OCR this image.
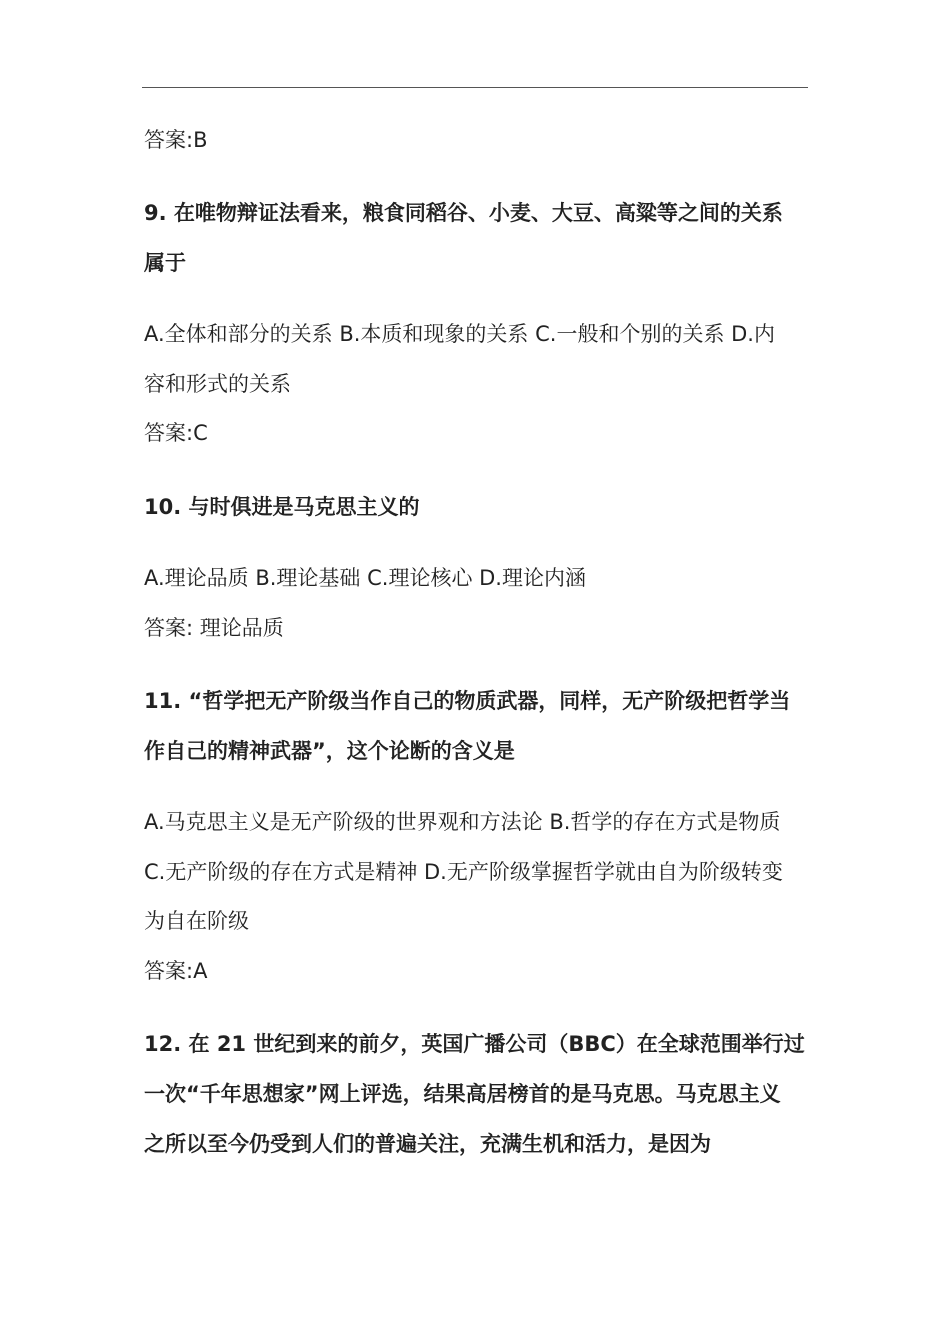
答案:B
9. 在唯物辩证法看来，粮食同稻谷、小麦、大豆、高粱等之间的关系
属于
A.全体和部分的关系 B.本质和现象的关系 C.一般和个别的关系 D.内
容和形式的关系
答案:C
10. 与时俱进是马克思主义的
A.理论品质 B.理论基础 C.理论核心 D.理论内涵
答案: 理论品质
11. “哲学把无产阶级当作自己的物质武器，同样，无产阶级把哲学当
作自己的精神武器”，这个论断的含义是
A.马克思主义是无产阶级的世界观和方法论 B.哲学的存在方式是物质
C.无产阶级的存在方式是精神 D.无产阶级掌握哲学就由自为阶级转变
为自在阶级
答案:A
12. 在 21 世纪到来的前夕，英国广播公司（BBC）在全球范围举行过
一次“千年思想家”网上评选，结果高居榜首的是马克思。马克思主义
之所以至今仍受到人们的普遍关注，充满生机和活力，是因为
